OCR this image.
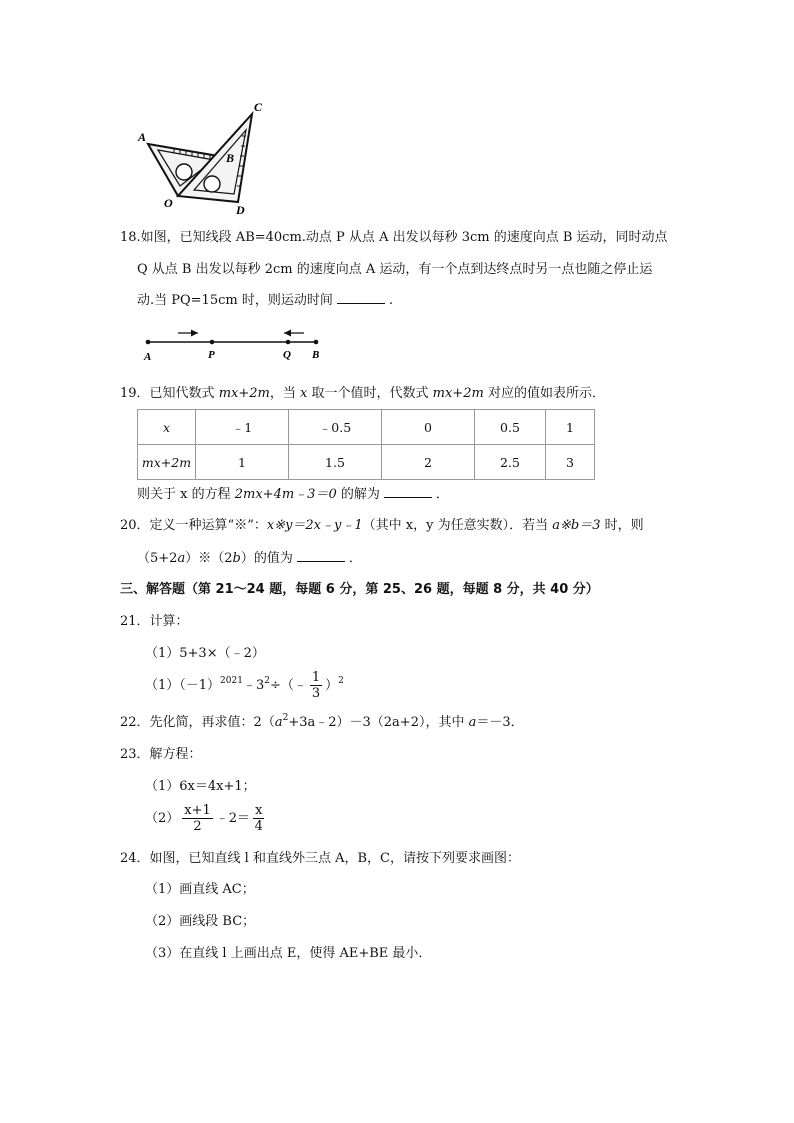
A
B
C
O	D
18.如图，已知线段 AB=40cm.动点 P 从点 A 出发以每秒 3cm 的速度向点 B 运动，同时动点
Q 从点 B 出发以每秒 2cm 的速度向点 A 运动，有一个点到达终点时另一点也随之停止运
动.当 PQ=15cm 时，则运动时间	.
A	P	Q B
19．已知代数式 mx+2m，当 x 取一个值时，代数式 mx+2m 对应的值如表所示．
x	﹣1	﹣0.5	0	0.5	1
mx+2m	1	1.5	2	2.5	3
则关于 x 的方程 2mx+4m﹣3＝0 的解为	．
20．定义一种运算“※”：x※y＝2x﹣y﹣1（其中 x，y 为任意实数）．若当 a※b＝3 时，则
（5+2a）※（2b）的值为	．
三、解答题（第 21～24 题，每题 6 分，第 25、26 题，每题 8 分，共 40 分）
21．计算：
（1）5+3×（﹣2）
$(1)(-1)^{2021}﹣3^2\div(﹣ \frac{1}{3} )^2$
22．先化简，再求值：$2(a^2+3a﹣2)-3(2a+2)$，其中 a＝－3．
23．解方程：
（1）6x＝4x+1；
$(2) \frac{x+1}{2}$ ﹣2＝ $\frac{x}{4}$
24．如图，已知直线 l 和直线外三点 A，B，C，请按下列要求画图：
（1）画直线 AC；
（2）画线段 BC；
（3）在直线 l 上画出点 E，使得 AE+BE 最小．
